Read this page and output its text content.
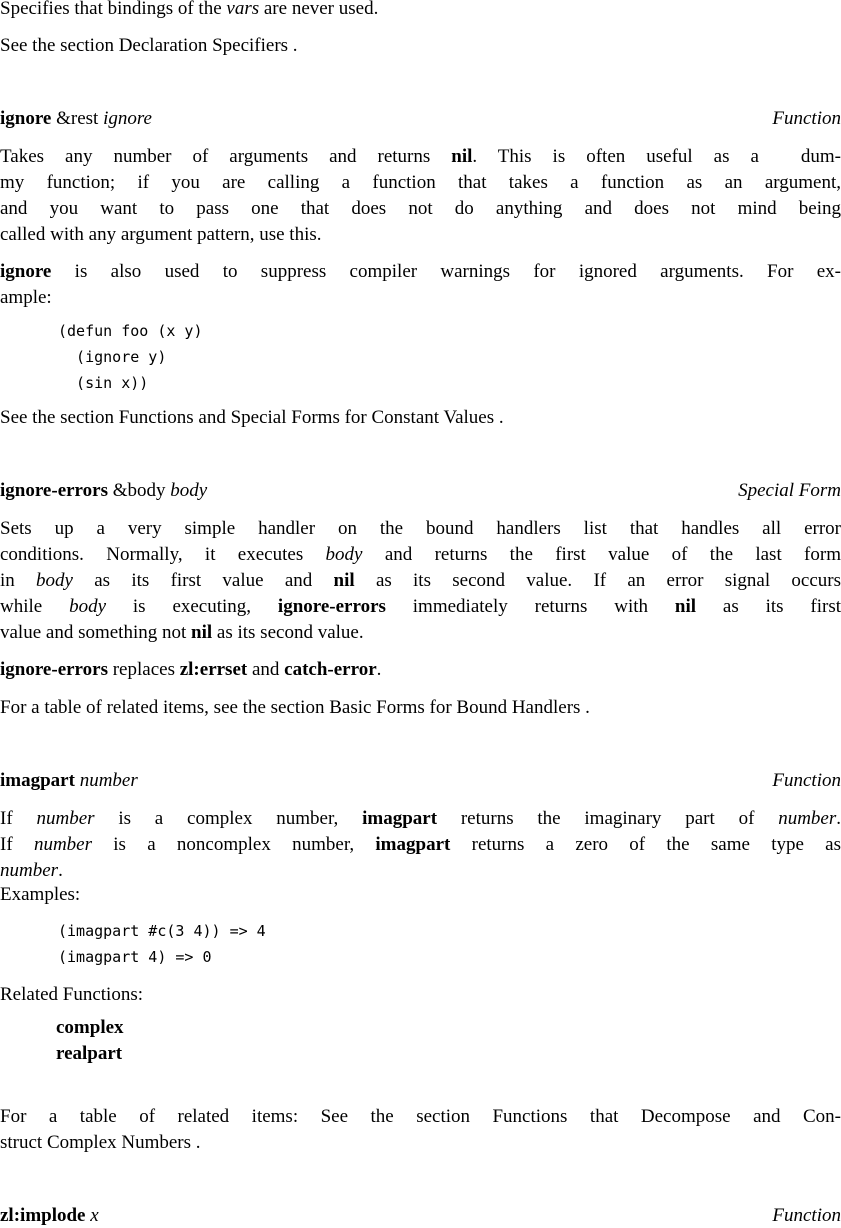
Specifies that bindings of the vars are never used.
See the section Declaration Specifiers .
ignore &rest ignore	Function
Takes any number of arguments and returns nil. This is often useful as a  dum-
my function; if you are calling a function that takes a function as an argument,
and you want to pass one that does not do anything and does not mind being
called with any argument pattern, use this.
ignore is also used to suppress compiler warnings for ignored arguments. For ex-
ample:
(defun foo (x y)
(ignore y)
(sin x))
See the section Functions and Special Forms for Constant Values .
ignore-errors &body body	Special Form
Sets up a very simple handler on the bound handlers list that handles all error
conditions. Normally, it executes body and returns the first value of the last form
in body as its first value and nil as its second value. If an error signal occurs
while body is executing, ignore-errors immediately returns with nil as its first
value and something not nil as its second value.
ignore-errors replaces zl:errset and catch-error.
For a table of related items, see the section Basic Forms for Bound Handlers .
imagpart number	Function
If number is a complex number, imagpart returns the imaginary part of number.
If number is a noncomplex number, imagpart returns a zero of the same type as
number.
Examples:
(imagpart #c(3 4)) => 4
(imagpart 4) => 0
Related Functions:
complex
realpart
For a table of related items: See the section Functions that Decompose and Con-
struct Complex Numbers .
zl:implode x	Function
